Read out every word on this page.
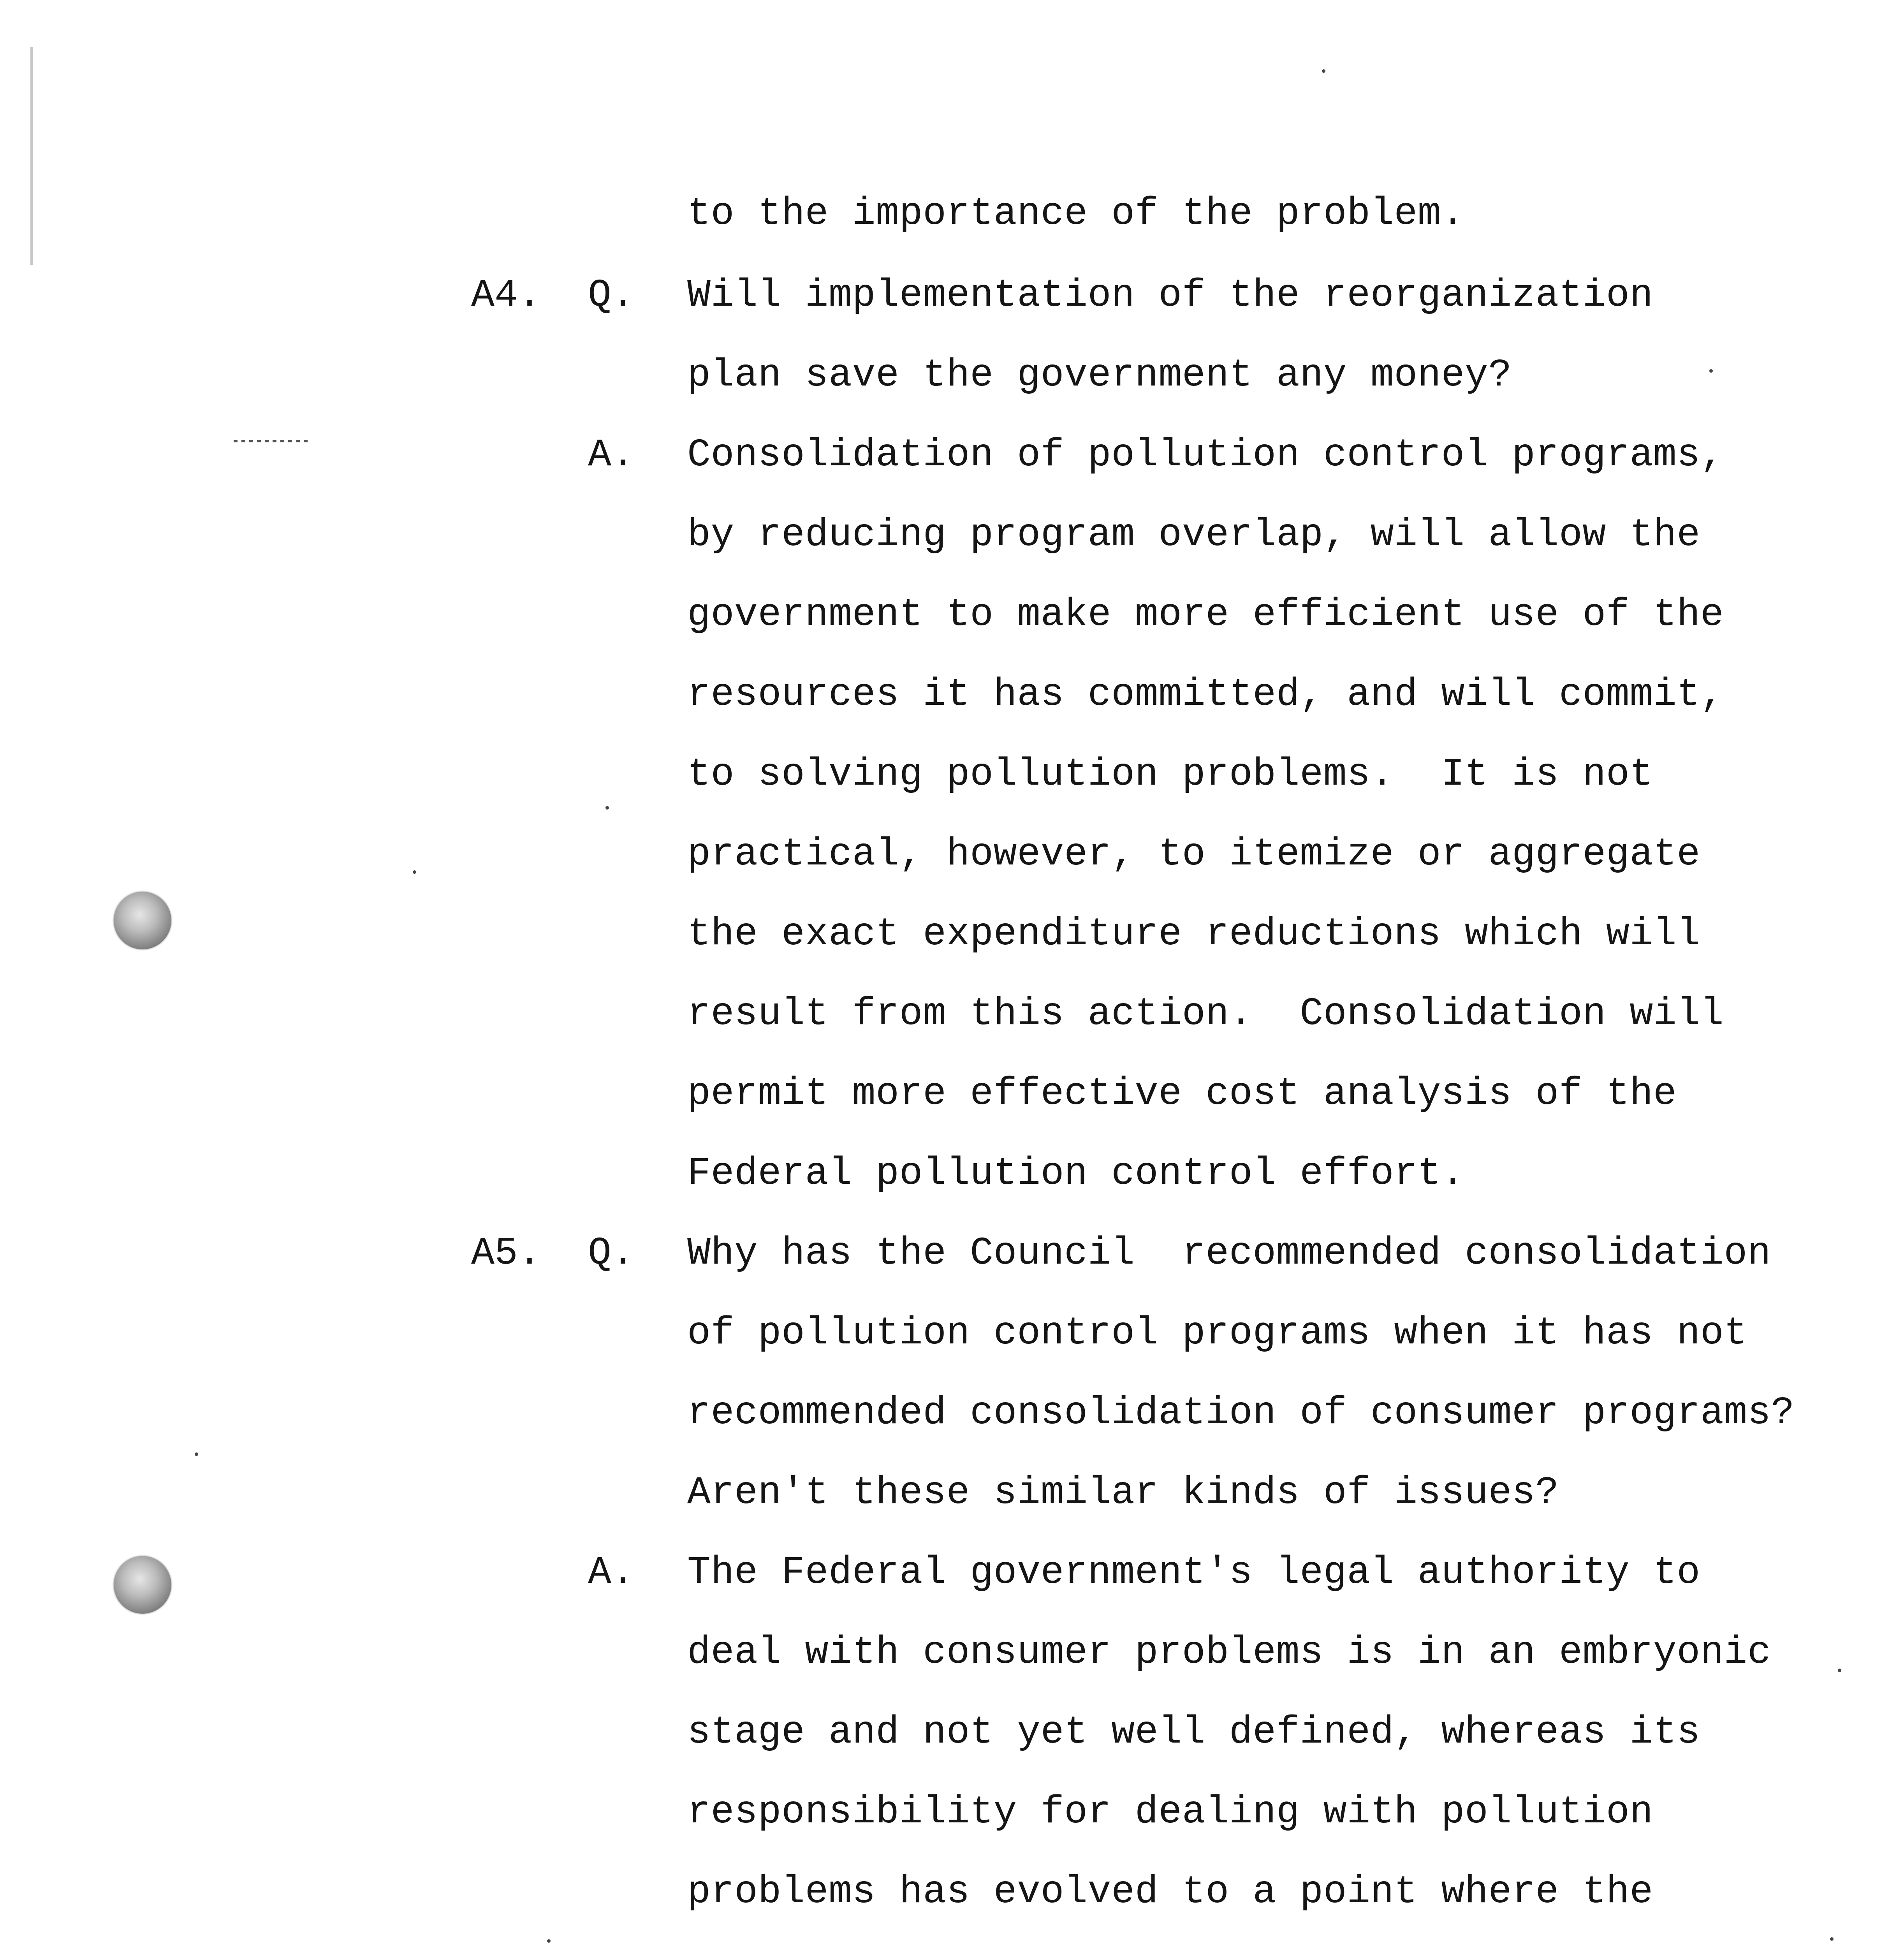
to the importance of the problem.
A4. Q. Will implementation of the reorganization
plan save the government any money?
A. Consolidation of pollution control programs,
by reducing program overlap, will allow the
government to make more efficient use of the
resources it has committed, and will commit,
to solving pollution problems.  It is not
practical, however, to itemize or aggregate
the exact expenditure reductions which will
result from this action.  Consolidation will
permit more effective cost analysis of the
Federal pollution control effort.
A5. Q. Why has the Council  recommended consolidation
of pollution control programs when it has not
recommended consolidation of consumer programs?
Aren't these similar kinds of issues?
A. The Federal government's legal authority to
deal with consumer problems is in an embryonic
stage and not yet well defined, whereas its
responsibility for dealing with pollution
problems has evolved to a point where the
